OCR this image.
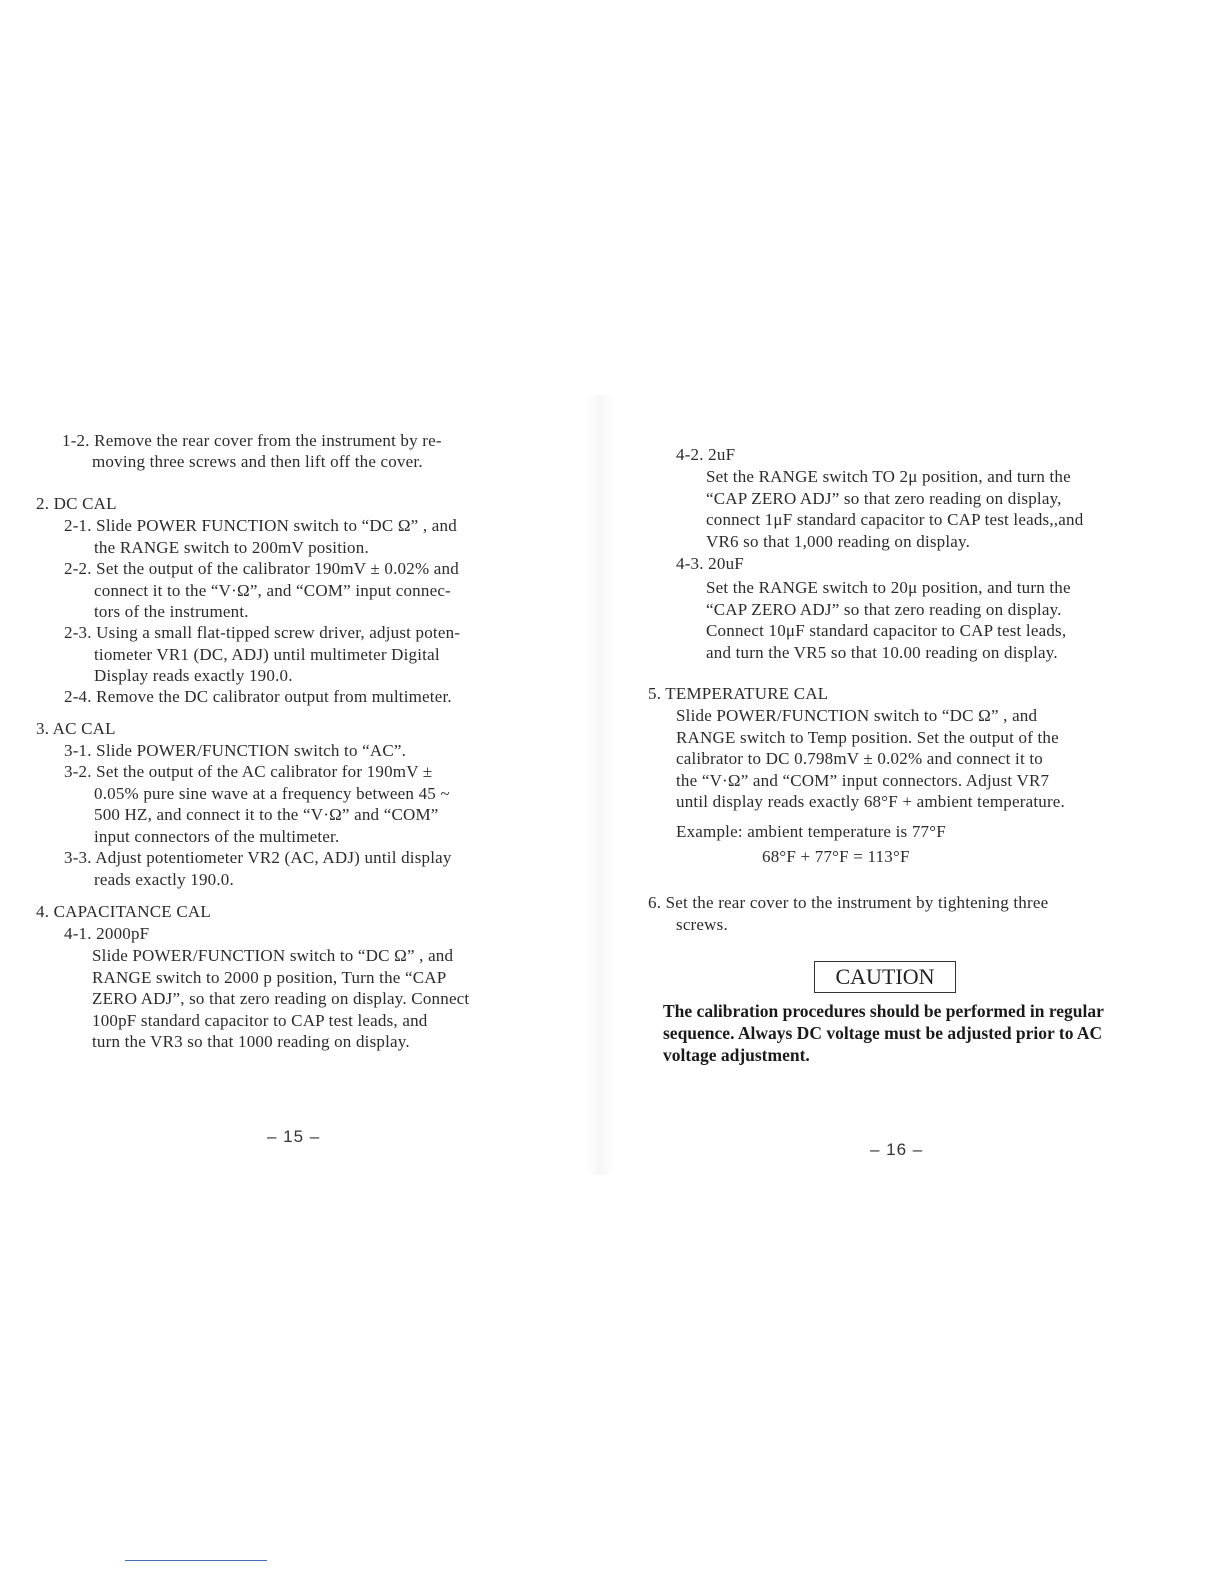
1-2. Remove the rear cover from the instrument by re-
moving three screws and then lift off the cover.
2. DC CAL
2-1. Slide POWER FUNCTION switch to “DC Ω” , and
the RANGE switch to 200mV position.
2-2. Set the output of the calibrator 190mV ± 0.02% and
connect it to the “V·Ω”, and “COM” input connec-
tors of the instrument.
2-3. Using a small flat-tipped screw driver, adjust poten-
tiometer VR1 (DC, ADJ) until multimeter Digital
Display reads exactly 190.0.
2-4. Remove the DC calibrator output from multimeter.
3. AC CAL
3-1. Slide POWER/FUNCTION switch to “AC”.
3-2. Set the output of the AC calibrator for 190mV ±
0.05% pure sine wave at a frequency between 45 ~
500 HZ, and connect it to the “V·Ω” and “COM”
input connectors of the multimeter.
3-3. Adjust potentiometer VR2 (AC, ADJ) until display
reads exactly 190.0.
4. CAPACITANCE CAL
4-1. 2000pF
Slide POWER/FUNCTION switch to “DC Ω” , and
RANGE switch to 2000 p position, Turn the “CAP
ZERO ADJ”, so that zero reading on display. Connect
100pF standard capacitor to CAP test leads, and
turn the VR3 so that 1000 reading on display.
– 15 –
4-2. 2uF
Set the RANGE switch TO 2μ position, and turn the
“CAP ZERO ADJ” so that zero reading on display,
connect 1μF standard capacitor to CAP test leads,,and
VR6 so that 1,000 reading on display.
4-3. 20uF
Set the RANGE switch to 20μ position, and turn the
“CAP ZERO ADJ” so that zero reading on display.
Connect 10μF standard capacitor to CAP test leads,
and turn the VR5 so that 10.00 reading on display.
5. TEMPERATURE CAL
Slide POWER/FUNCTION switch to “DC Ω” , and
RANGE switch to Temp position. Set the output of the
calibrator to DC 0.798mV ± 0.02% and connect it to
the “V·Ω” and “COM” input connectors. Adjust VR7
until display reads exactly 68°F + ambient temperature.
Example: ambient temperature is 77°F
68°F + 77°F = 113°F
6. Set the rear cover to the instrument by tightening three
screws.
– 16 –
CAUTION
The calibration procedures should be performed in regular sequence. Always DC voltage must be adjusted prior to AC voltage adjustment.
